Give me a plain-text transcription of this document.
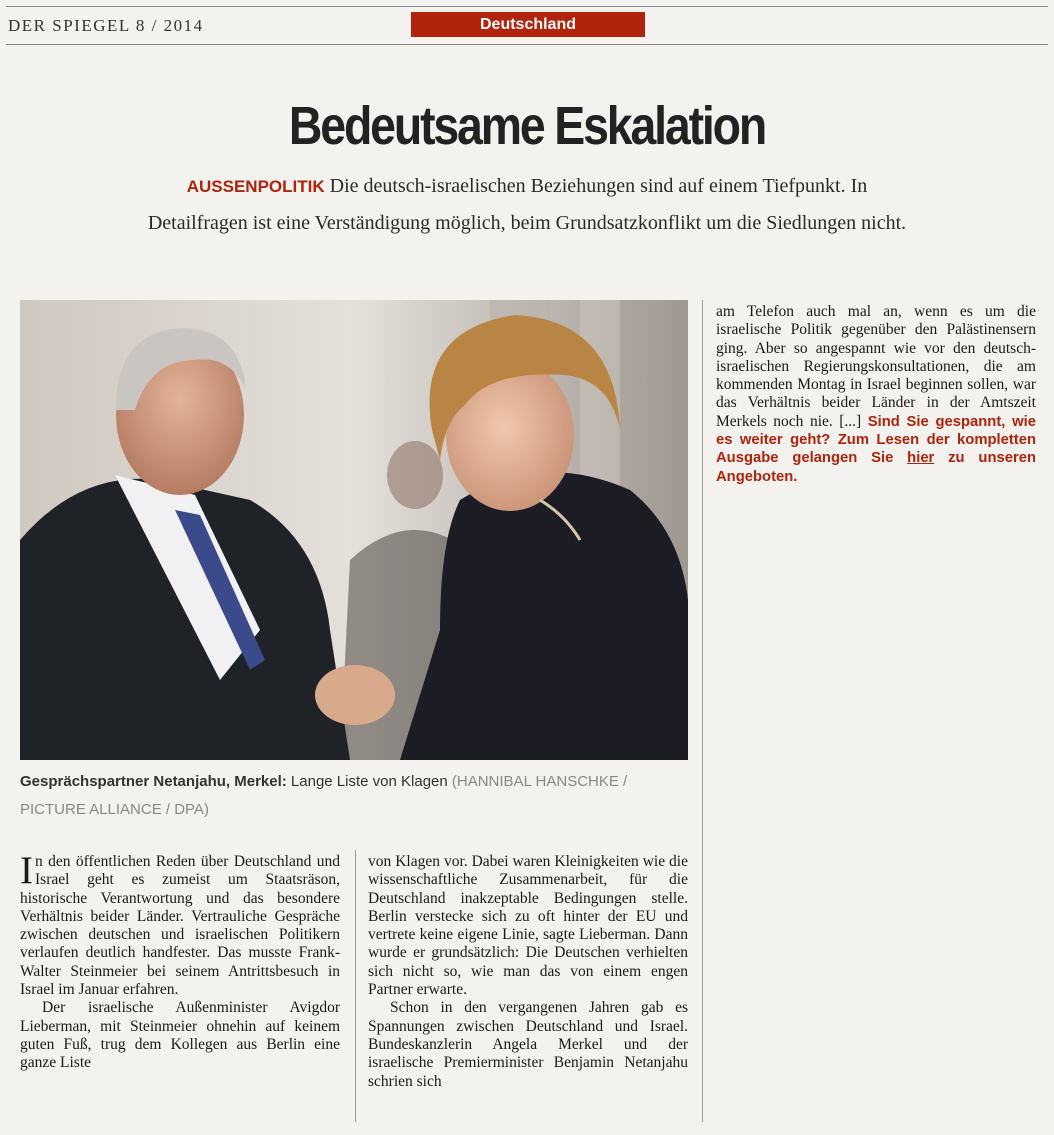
DER SPIEGEL 8 / 2014	Deutschland
Bedeutsame Eskalation

AUSSENPOLITIK Die deutsch-israelischen Beziehungen sind auf einem Tiefpunkt. In Detailfragen ist eine Verständigung möglich, beim Grundsatzkonflikt um die Siedlungen nicht.

Gesprächspartner Netanjahu, Merkel: Lange Liste von Klagen (HANNIBAL HANSCHKE / PICTURE ALLIANCE / DPA)

In den öffentlichen Reden über Deutschland und Israel geht es zumeist um Staatsräson, historische Verantwortung und das besondere Verhältnis beider Länder. Vertrauliche Gespräche zwischen deutschen und israelischen Politikern verlaufen deutlich handfester. Das musste Frank-Walter Steinmeier bei seinem Antrittsbesuch in Israel im Januar erfahren.

Der israelische Außenminister Avigdor Lieberman, mit Steinmeier ohnehin auf keinem guten Fuß, trug dem Kollegen aus Berlin eine ganze Liste

von Klagen vor. Dabei waren Kleinigkeiten wie die wissenschaftliche Zusammenarbeit, für die Deutschland inakzeptable Bedingungen stelle. Berlin verstecke sich zu oft hinter der EU und vertrete keine eigene Linie, sagte Lieberman. Dann wurde er grundsätzlich: Die Deutschen verhielten sich nicht so, wie man das von einem engen Partner erwarte.

Schon in den vergangenen Jahren gab es Spannungen zwischen Deutschland und Israel. Bundeskanzlerin Angela Merkel und der israelische Premierminister Benjamin Netanjahu schrien sich

am Telefon auch mal an, wenn es um die israelische Politik gegenüber den Palästinensern ging. Aber so angespannt wie vor den deutsch-israelischen Regierungskonsultationen, die am kommenden Montag in Israel beginnen sollen, war das Verhältnis beider Länder in der Amtszeit Merkels noch nie. [...] Sind Sie gespannt, wie es weiter geht? Zum Lesen der kompletten Ausgabe gelangen Sie hier zu unseren Angeboten.
